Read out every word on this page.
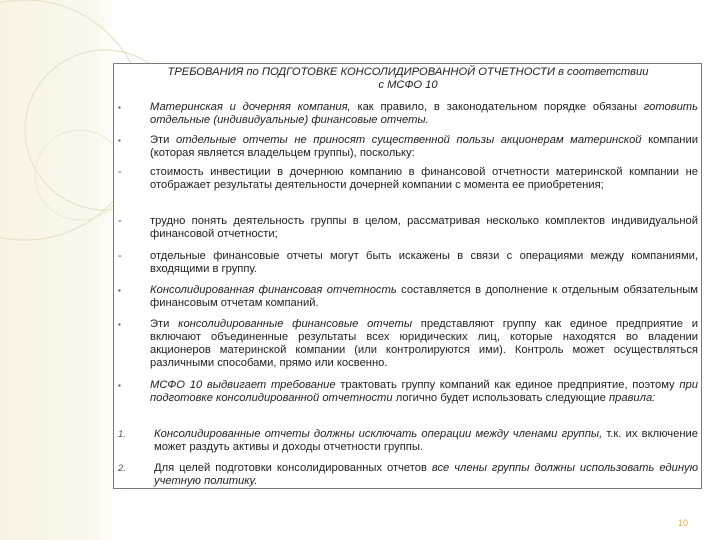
ТРЕБОВАНИЯ по ПОДГОТОВКЕ КОНСОЛИДИРОВАННОЙ ОТЧЕТНОСТИ в соответствии
с МСФО 10
▪	Материнская и дочерняя компания, как правило, в законодательном порядке обязаны готовить отдельные (индивидуальные) финансовые отчеты.
▪	Эти отдельные отчеты не приносят существенной пользы акционерам материнской компании (которая является владельцем группы), поскольку:
-	стоимость инвестиции в дочернюю компанию в финансовой отчетности материнской компании не отображает результаты деятельности дочерней компании с момента ее приобретения;
-	трудно понять деятельность группы в целом, рассматривая несколько комплектов индивидуальной финансовой отчетности;
-	отдельные финансовые отчеты могут быть искажены в связи с операциями между компаниями, входящими в группу.
▪	Консолидированная финансовая отчетность составляется в дополнение к отдельным обязательным финансовым отчетам компаний.
▪	Эти консолидированные финансовые отчеты представляют группу как единое предприятие и включают объединенные результаты всех юридических лиц, которые находятся во владении акционеров материнской компании (или контролируются ими). Контроль может осуществляться различными способами, прямо или косвенно.
▪	МСФО 10 выдвигает требование трактовать группу компаний как единое предприятие, поэтому при подготовке консолидированной отчетности логично будет использовать следующие правила:
1.	Консолидированные отчеты должны исключать операции между членами группы, т.к. их включение может раздуть активы и доходы отчетности группы.
2.	Для целей подготовки консолидированных отчетов все члены группы должны использовать единую учетную политику.
10
